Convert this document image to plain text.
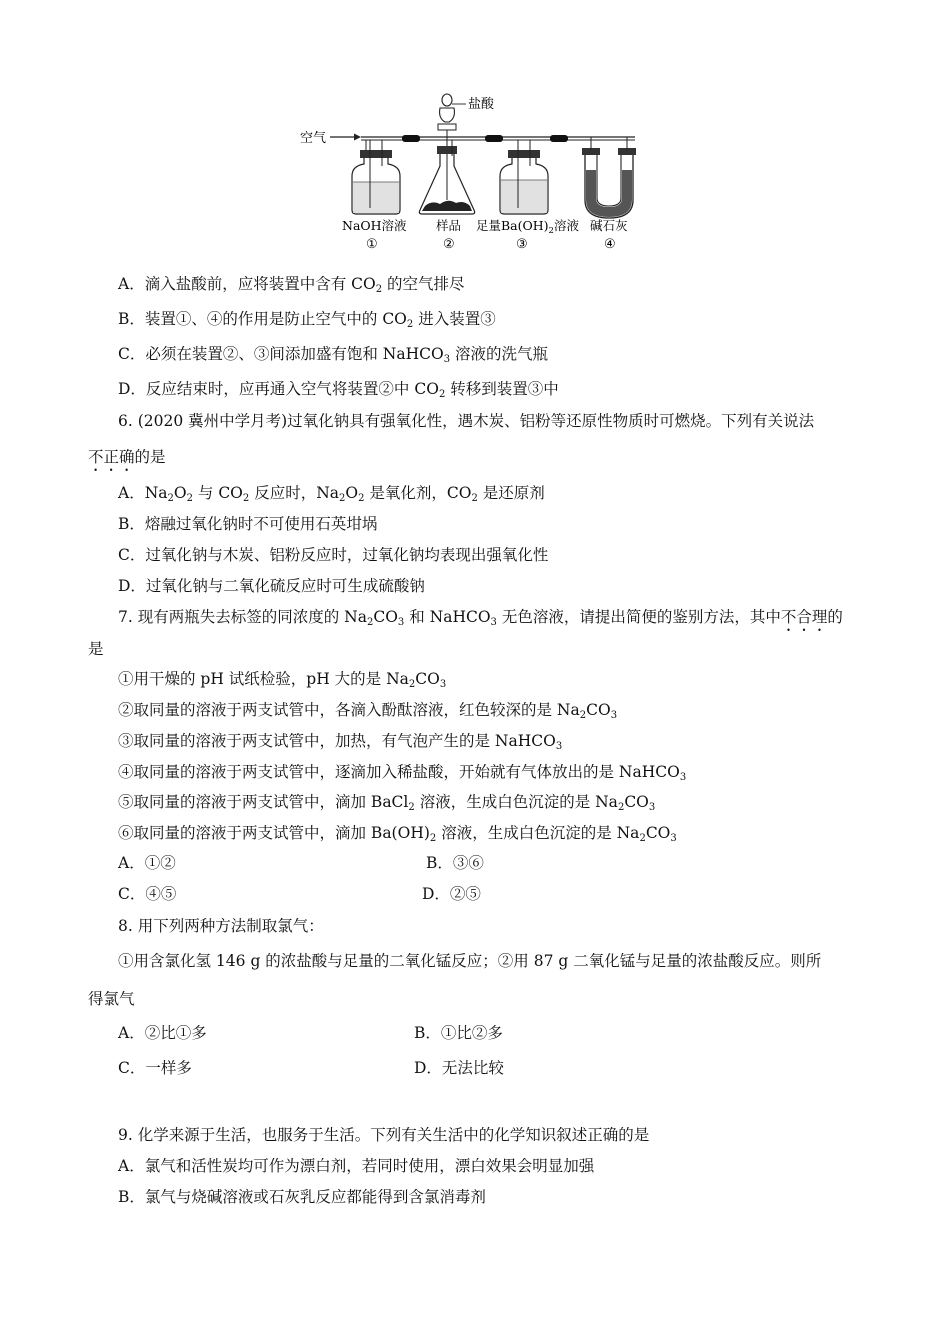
空气
盐酸
NaOH溶液 样品 足量$Ba(OH)_2$溶液 碱石灰
①	②	③	④
A．滴入盐酸前，应将装置中含有 $CO_2$ 的空气排尽
B．装置①、④的作用是防止空气中的 $CO_2$ 进入装置③
C．必须在装置②、③间添加盛有饱和 NaHCO$_3$ 溶液的洗气瓶
D．反应结束时，应再通入空气将装置②中 $CO_2$ 转移到装置③中
6. (2020 冀州中学月考)过氧化钠具有强氧化性，遇木炭、铝粉等还原性物质时可燃烧。下列有关说法
不正确的是
A．$Na_2O_2$ 与 $CO_2$ 反应时，$Na_2O_2$ 是氧化剂，$CO_2$ 是还原剂
B．熔融过氧化钠时不可使用石英坩埚
C．过氧化钠与木炭、铝粉反应时，过氧化钠均表现出强氧化性
D．过氧化钠与二氧化硫反应时可生成硫酸钠
7. 现有两瓶失去标签的同浓度的 $Na_2CO_3$ 和 NaHCO$_3$ 无色溶液，请提出简便的鉴别方法，其中不合理的
是
①用干燥的 pH 试纸检验，pH 大的是 $Na_2CO_3$
②取同量的溶液于两支试管中，各滴入酚酞溶液，红色较深的是 $Na_2CO_3$
③取同量的溶液于两支试管中，加热，有气泡产生的是 NaHCO$_3$
④取同量的溶液于两支试管中，逐滴加入稀盐酸，开始就有气体放出的是 NaHCO$_3$
⑤取同量的溶液于两支试管中，滴加 BaCl$_2$ 溶液，生成白色沉淀的是 $Na_2CO_3$
⑥取同量的溶液于两支试管中，滴加 $Ba(OH)_2$ 溶液，生成白色沉淀的是 $Na_2CO_3$
A．①②	B．③⑥
C．④⑤	D．②⑤
8. 用下列两种方法制取氯气：
①用含氯化氢 146 g 的浓盐酸与足量的二氧化锰反应；②用 87 g 二氧化锰与足量的浓盐酸反应。则所
得氯气
A．②比①多	B．①比②多
C．一样多	D．无法比较
9. 化学来源于生活，也服务于生活。下列有关生活中的化学知识叙述正确的是
A．氯气和活性炭均可作为漂白剂，若同时使用，漂白效果会明显加强
B．氯气与烧碱溶液或石灰乳反应都能得到含氯消毒剂
